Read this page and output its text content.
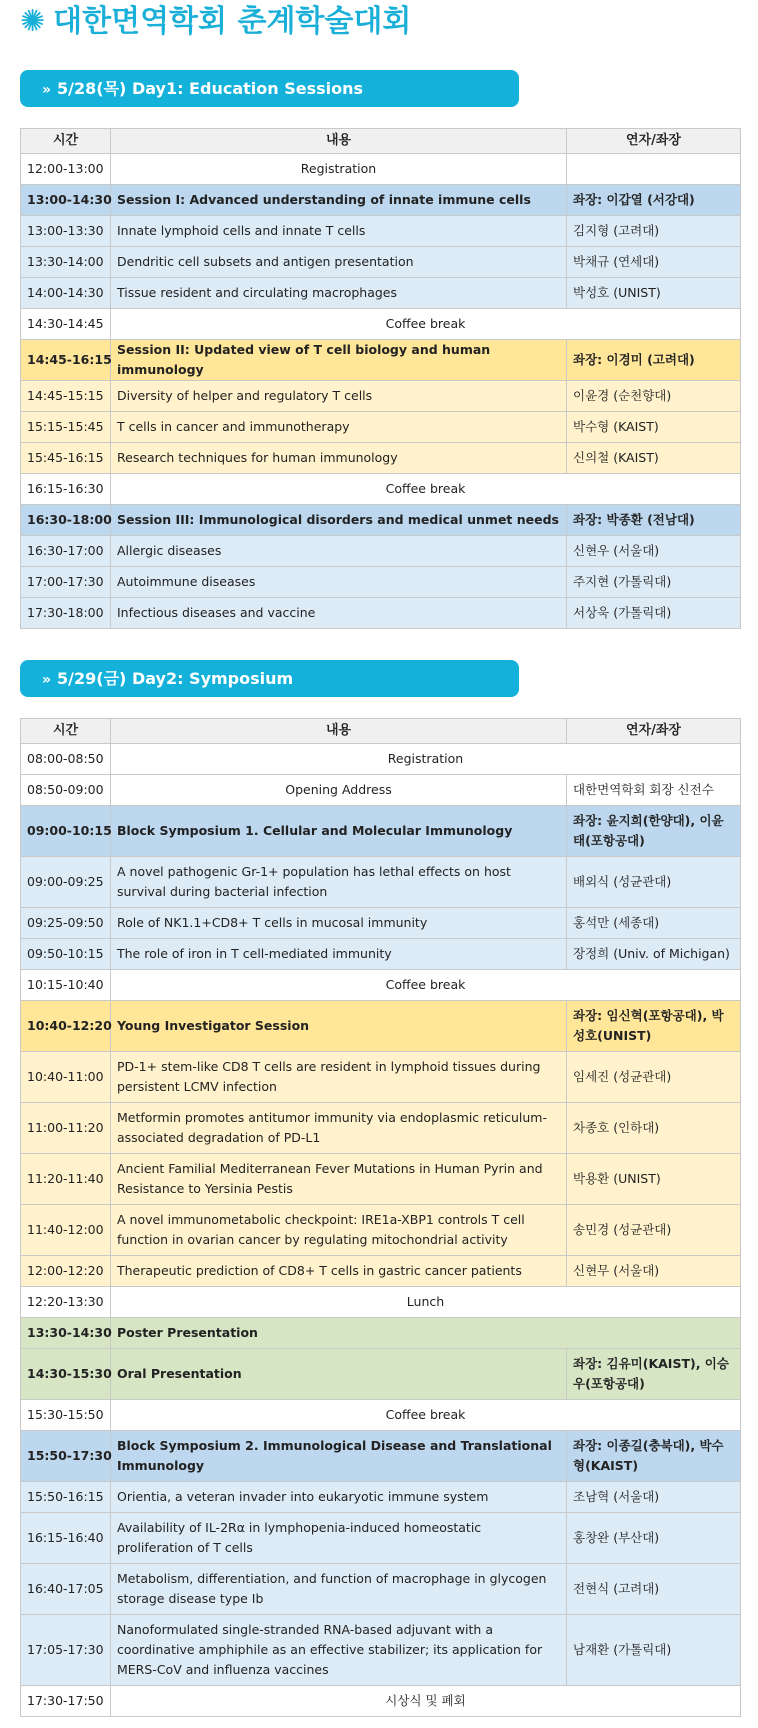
✺ 대한면역학회 춘계학술대회
» 5/28(목) Day1: Education Sessions
시간	내용	연자/좌장
12:00-13:00	Registration	
13:00-14:30	Session I: Advanced understanding of innate immune cells	좌장: 이갑열 (서강대)
13:00-13:30	Innate lymphoid cells and innate T cells	김지형 (고려대)
13:30-14:00	Dendritic cell subsets and antigen presentation	박채규 (연세대)
14:00-14:30	Tissue resident and circulating macrophages	박성호 (UNIST)
14:30-14:45	Coffee break	
14:45-16:15	Session II: Updated view of T cell biology and human immunology	좌장: 이경미 (고려대)
14:45-15:15	Diversity of helper and regulatory T cells	이윤경 (순천향대)
15:15-15:45	T cells in cancer and immunotherapy	박수형 (KAIST)
15:45-16:15	Research techniques for human immunology	신의철 (KAIST)
16:15-16:30	Coffee break	
16:30-18:00	Session III: Immunological disorders and medical unmet needs	좌장: 박종환 (전남대)
16:30-17:00	Allergic diseases	신현우 (서울대)
17:00-17:30	Autoimmune diseases	주지현 (가톨릭대)
17:30-18:00	Infectious diseases and vaccine	서상욱 (가톨릭대)
» 5/29(금) Day2: Symposium
시간	내용	연자/좌장
08:00-08:50	Registration	
08:50-09:00	Opening Address	대한면역학회 회장 신전수
09:00-10:15	Block Symposium 1. Cellular and Molecular Immunology	좌장: 윤지희(한양대), 이윤태(포항공대)
09:00-09:25	A novel pathogenic Gr-1+ population has lethal effects on host survival during bacterial infection	배외식 (성균관대)
09:25-09:50	Role of NK1.1+CD8+ T cells in mucosal immunity	홍석만 (세종대)
09:50-10:15	The role of iron in T cell-mediated immunity	장정희 (Univ. of Michigan)
10:15-10:40	Coffee break	
10:40-12:20	Young Investigator Session	좌장: 임신혁(포항공대), 박성호(UNIST)
10:40-11:00	PD-1+ stem-like CD8 T cells are resident in lymphoid tissues during persistent LCMV infection	임세진 (성균관대)
11:00-11:20	Metformin promotes antitumor immunity via endoplasmic reticulum-associated degradation of PD-L1	차종호 (인하대)
11:20-11:40	Ancient Familial Mediterranean Fever Mutations in Human Pyrin and Resistance to Yersinia Pestis	박용환 (UNIST)
11:40-12:00	A novel immunometabolic checkpoint: IRE1a-XBP1 controls T cell function in ovarian cancer by regulating mitochondrial activity	송민경 (성균관대)
12:00-12:20	Therapeutic prediction of CD8+ T cells in gastric cancer patients	신현무 (서울대)
12:20-13:30	Lunch	
13:30-14:30	Poster Presentation	
14:30-15:30	Oral Presentation	좌장: 김유미(KAIST), 이승우(포항공대)
15:30-15:50	Coffee break	
15:50-17:30	Block Symposium 2. Immunological Disease and Translational Immunology	좌장: 이종길(충북대), 박수형(KAIST)
15:50-16:15	Orientia, a veteran invader into eukaryotic immune system	조남혁 (서울대)
16:15-16:40	Availability of IL-2Rα in lymphopenia-induced homeostatic proliferation of T cells	홍창완 (부산대)
16:40-17:05	Metabolism, differentiation, and function of macrophage in glycogen storage disease type Ib	전현식 (고려대)
17:05-17:30	Nanoformulated single-stranded RNA-based adjuvant with a coordinative amphiphile as an effective stabilizer; its application for MERS-CoV and influenza vaccines	남재환 (가톨릭대)
17:30-17:50	시상식 및 폐회	
